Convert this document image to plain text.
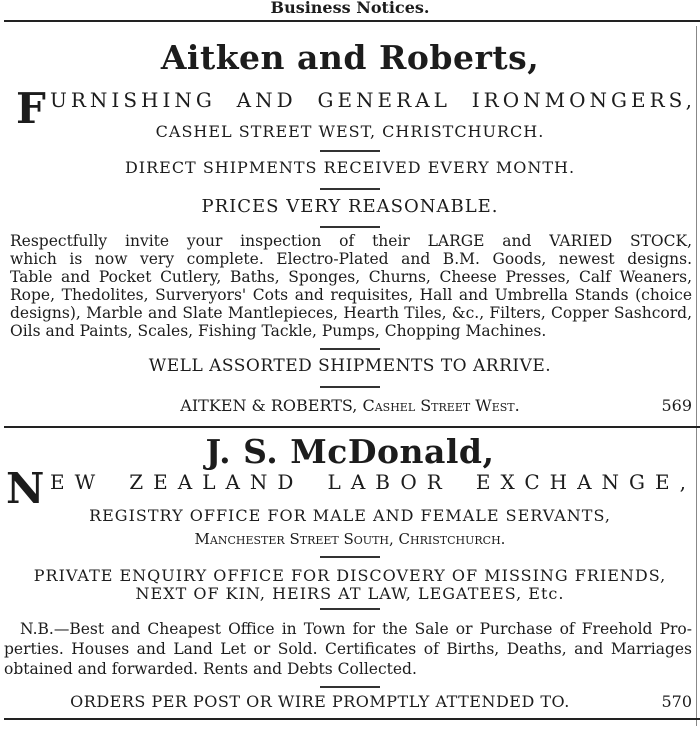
Business Notices.
Aitken and Roberts,
F URNISHING AND GENERAL IRONMONGERS,
CASHEL STREET WEST, CHRISTCHURCH.
DIRECT SHIPMENTS RECEIVED EVERY MONTH.
PRICES VERY REASONABLE.
Respectfully invite your inspection of their LARGE and VARIED STOCK,
which is now very complete. Electro-Plated and B.M. Goods, newest designs.
Table and Pocket Cutlery, Baths, Sponges, Churns, Cheese Presses, Calf Weaners,
Rope, Thedolites, Surveryors' Cots and requisites, Hall and Umbrella Stands (choice
designs), Marble and Slate Mantlepieces, Hearth Tiles, &c., Filters, Copper Sashcord,
Oils and Paints, Scales, Fishing Tackle, Pumps, Chopping Machines.
WELL ASSORTED SHIPMENTS TO ARRIVE.
AITKEN & ROBERTS, Cashel Street West.	569
J. S. McDonald,
N EW ZEALAND LABOR EXCHANGE,
REGISTRY OFFICE FOR MALE AND FEMALE SERVANTS,
Manchester Street South, Christchurch.
PRIVATE ENQUIRY OFFICE FOR DISCOVERY OF MISSING FRIENDS,
NEXT OF KIN, HEIRS AT LAW, LEGATEES, Etc.
N.B.—Best and Cheapest Office in Town for the Sale or Purchase of Freehold Pro-
perties. Houses and Land Let or Sold. Certificates of Births, Deaths, and Marriages
obtained and forwarded. Rents and Debts Collected.
ORDERS PER POST OR WIRE PROMPTLY ATTENDED TO.	570
